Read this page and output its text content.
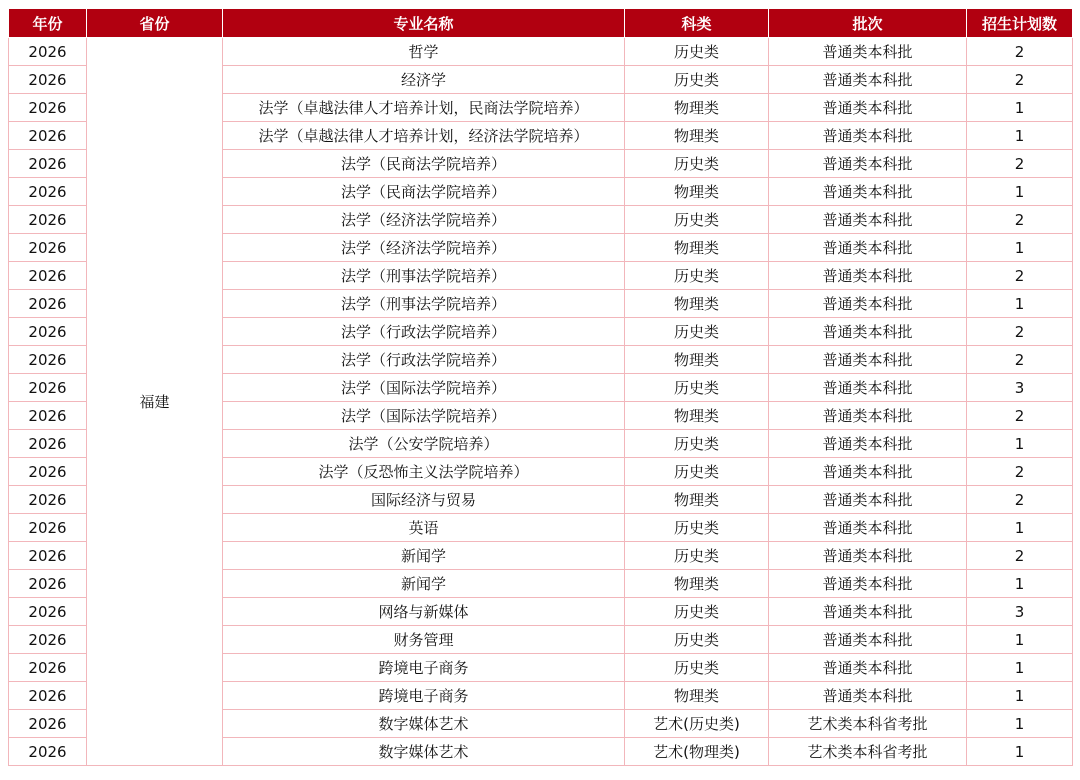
年份	省份	专业名称	科类	批次	招生计划数
2026	福建	哲学	历史类	普通类本科批	2
2026		经济学	历史类	普通类本科批	2
2026		法学（卓越法律人才培养计划，民商法学院培养）	物理类	普通类本科批	1
2026		法学（卓越法律人才培养计划，经济法学院培养）	物理类	普通类本科批	1
2026		法学（民商法学院培养）	历史类	普通类本科批	2
2026		法学（民商法学院培养）	物理类	普通类本科批	1
2026		法学（经济法学院培养）	历史类	普通类本科批	2
2026		法学（经济法学院培养）	物理类	普通类本科批	1
2026		法学（刑事法学院培养）	历史类	普通类本科批	2
2026		法学（刑事法学院培养）	物理类	普通类本科批	1
2026		法学（行政法学院培养）	历史类	普通类本科批	2
2026		法学（行政法学院培养）	物理类	普通类本科批	2
2026		法学（国际法学院培养）	历史类	普通类本科批	3
2026		法学（国际法学院培养）	物理类	普通类本科批	2
2026		法学（公安学院培养）	历史类	普通类本科批	1
2026		法学（反恐怖主义法学院培养）	历史类	普通类本科批	2
2026		国际经济与贸易	物理类	普通类本科批	2
2026		英语	历史类	普通类本科批	1
2026		新闻学	历史类	普通类本科批	2
2026		新闻学	物理类	普通类本科批	1
2026		网络与新媒体	历史类	普通类本科批	3
2026		财务管理	历史类	普通类本科批	1
2026		跨境电子商务	历史类	普通类本科批	1
2026		跨境电子商务	物理类	普通类本科批	1
2026		数字媒体艺术	艺术(历史类)	艺术类本科省考批	1
2026		数字媒体艺术	艺术(物理类)	艺术类本科省考批	1
